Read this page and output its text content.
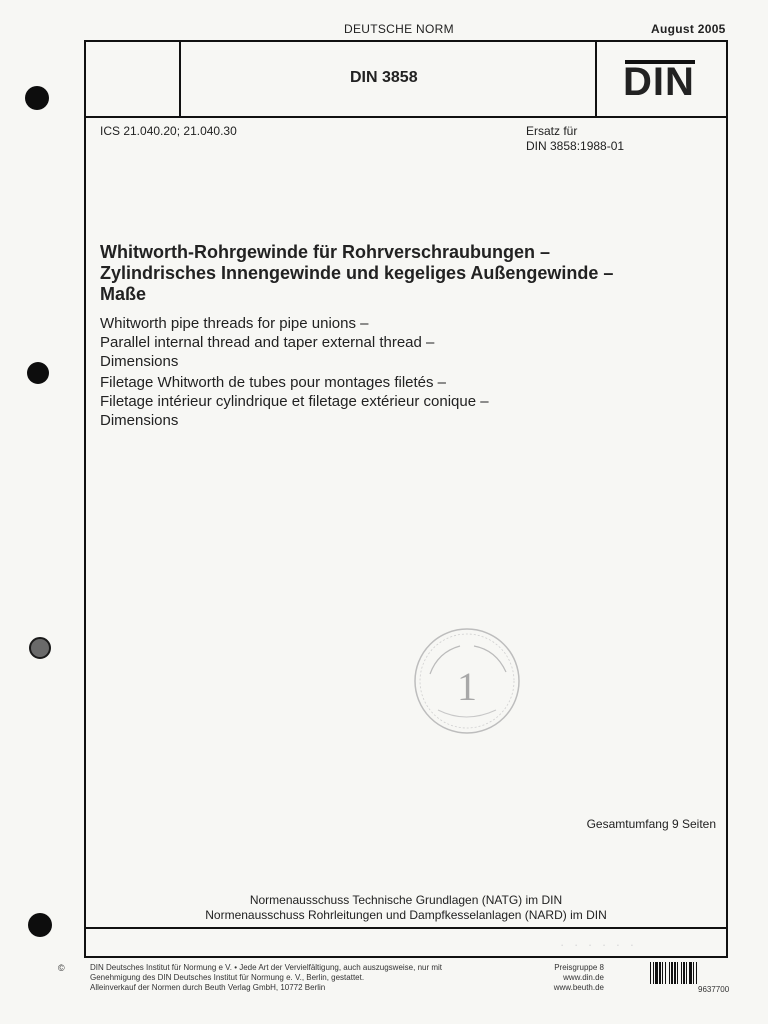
DEUTSCHE NORM	August 2005
DIN 3858	DIN
ICS 21.040.20; 21.040.30	Ersatz für
DIN 3858:1988-01
Whitworth-Rohrgewinde für Rohrverschraubungen –
Zylindrisches Innengewinde und kegeliges Außengewinde –
Maße
Whitworth pipe threads for pipe unions –
Parallel internal thread and taper external thread –
Dimensions
Filetage Whitworth de tubes pour montages filetés –
Filetage intérieur cylindrique et filetage extérieur conique –
Dimensions
1
Gesamtumfang 9 Seiten
Normenausschuss Technische Grundlagen (NATG) im DIN
Normenausschuss Rohrleitungen und Dampfkesselanlagen (NARD) im DIN
· · · · · ·
©	DIN Deutsches Institut für Normung e V. • Jede Art der Vervielfältigung, auch auszugsweise, nur mit
Genehmigung des DIN Deutsches Institut für Normung e. V., Berlin, gestattet.
Alleinverkauf der Normen durch Beuth Verlag GmbH, 10772 Berlin
Preisgruppe 8
www.din.de
www.beuth.de	9637700
